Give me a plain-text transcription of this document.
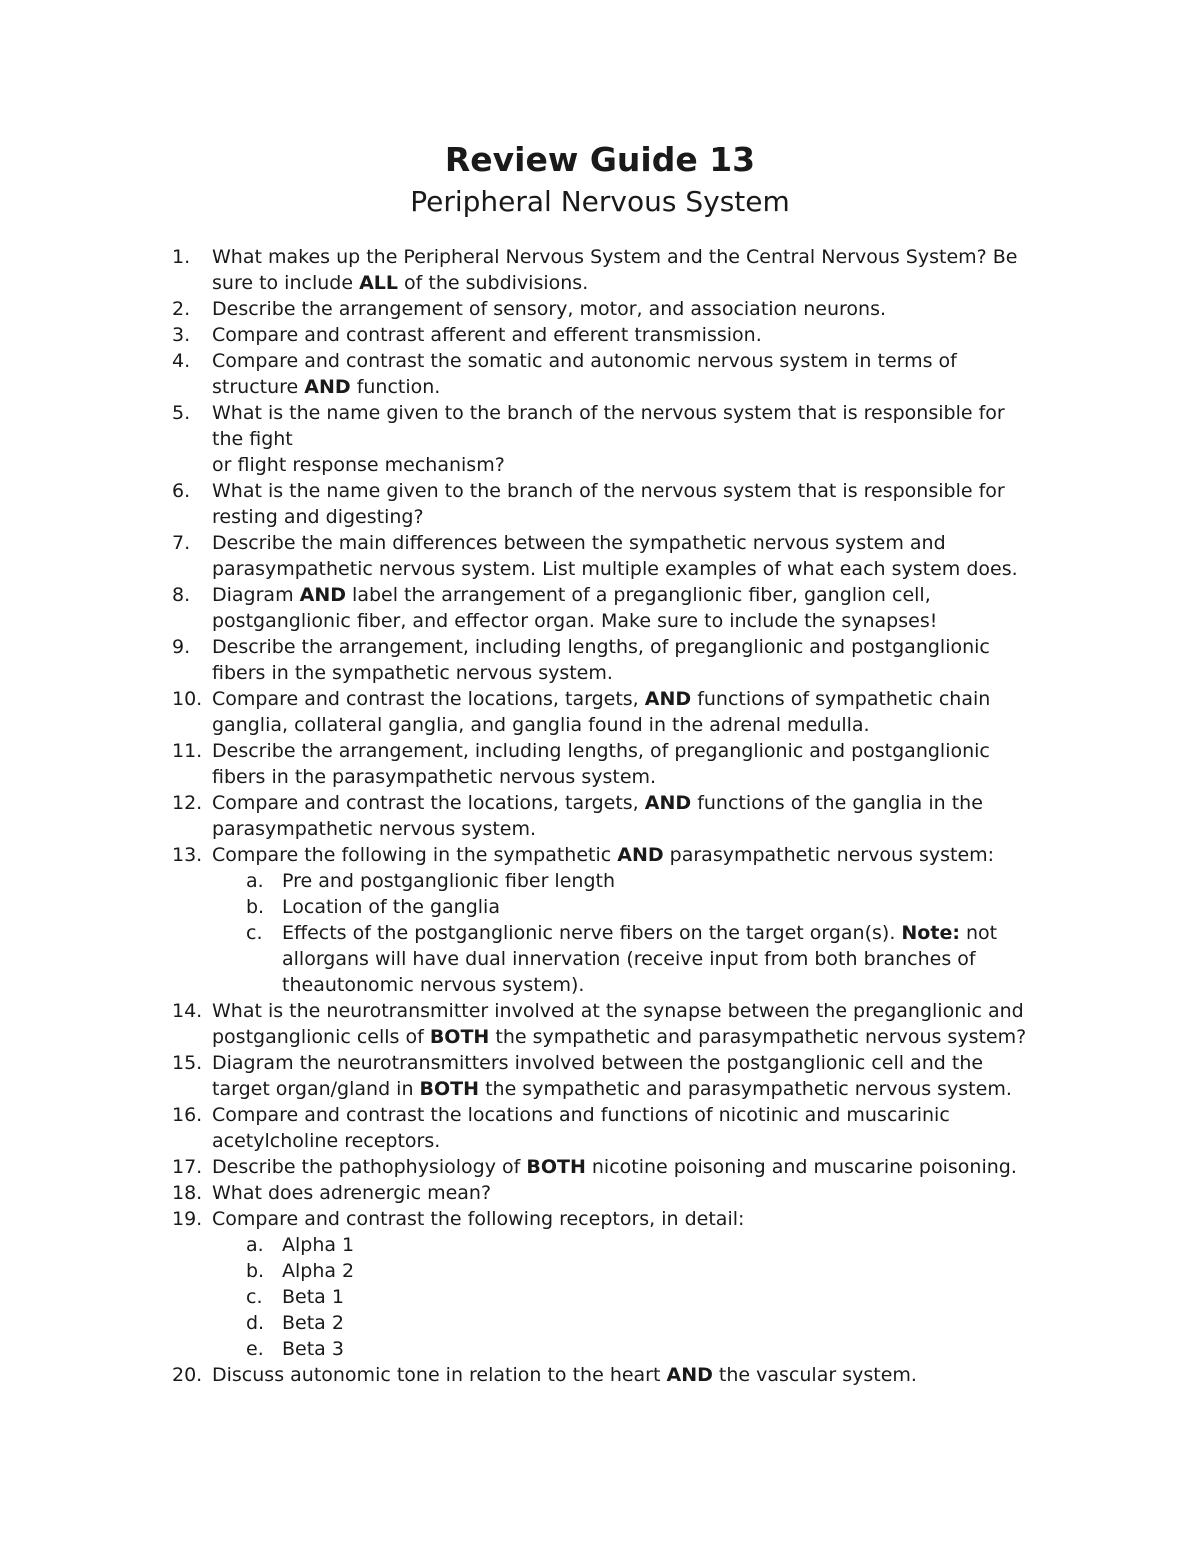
Review Guide 13
Peripheral Nervous System
1.	What makes up the Peripheral Nervous System and the Central Nervous System? Be
sure to include ALL of the subdivisions.
2.	Describe the arrangement of sensory, motor, and association neurons.
3.	Compare and contrast afferent and efferent transmission.
4.	Compare and contrast the somatic and autonomic nervous system in terms of
structure AND function.
5.	What is the name given to the branch of the nervous system that is responsible for
the fight
or flight response mechanism?
6.	What is the name given to the branch of the nervous system that is responsible for
resting and digesting?
7.	Describe the main differences between the sympathetic nervous system and
parasympathetic nervous system. List multiple examples of what each system does.
8.	Diagram AND label the arrangement of a preganglionic fiber, ganglion cell,
postganglionic fiber, and effector organ. Make sure to include the synapses!
9.	Describe the arrangement, including lengths, of preganglionic and postganglionic
fibers in the sympathetic nervous system.
10. Compare and contrast the locations, targets, AND functions of sympathetic chain
ganglia, collateral ganglia, and ganglia found in the adrenal medulla.
11. Describe the arrangement, including lengths, of preganglionic and postganglionic
fibers in the parasympathetic nervous system.
12. Compare and contrast the locations, targets, AND functions of the ganglia in the
parasympathetic nervous system.
13. Compare the following in the sympathetic AND parasympathetic nervous system:
a. Pre and postganglionic fiber length
b. Location of the ganglia
c.	Effects of the postganglionic nerve fibers on the target organ(s). Note: not allorgans will have dual innervation (receive input from both branches of theautonomic nervous system).
14. What is the neurotransmitter involved at the synapse between the preganglionic and
postganglionic cells of BOTH the sympathetic and parasympathetic nervous system?
15. Diagram the neurotransmitters involved between the postganglionic cell and the
target organ/gland in BOTH the sympathetic and parasympathetic nervous system.
16. Compare and contrast the locations and functions of nicotinic and muscarinic
acetylcholine receptors.
17. Describe the pathophysiology of BOTH nicotine poisoning and muscarine poisoning.
18. What does adrenergic mean?
19. Compare and contrast the following receptors, in detail:
a. Alpha 1
b. Alpha 2
c.	Beta 1
d. Beta 2
e. Beta 3
20. Discuss autonomic tone in relation to the heart AND the vascular system.
